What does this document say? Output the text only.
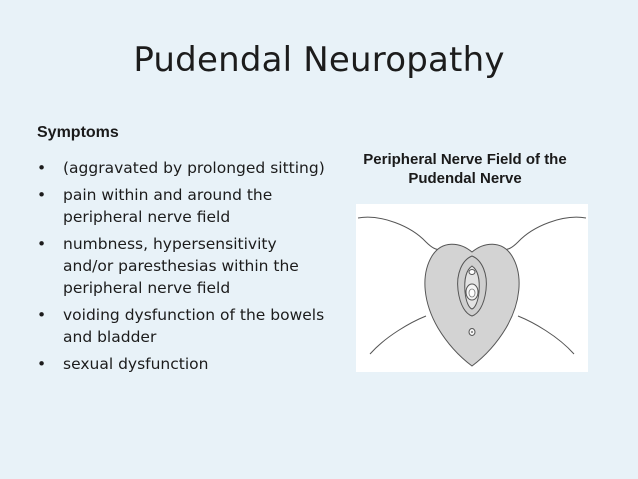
Pudendal Neuropathy
Symptoms
• (aggravated by prolonged sitting)
• pain within and around the peripheral nerve field
• numbness, hypersensitivity and/or paresthesias within the peripheral nerve field
• voiding dysfunction of the bowels and bladder
• sexual dysfunction
Peripheral Nerve Field of the Pudendal Nerve
